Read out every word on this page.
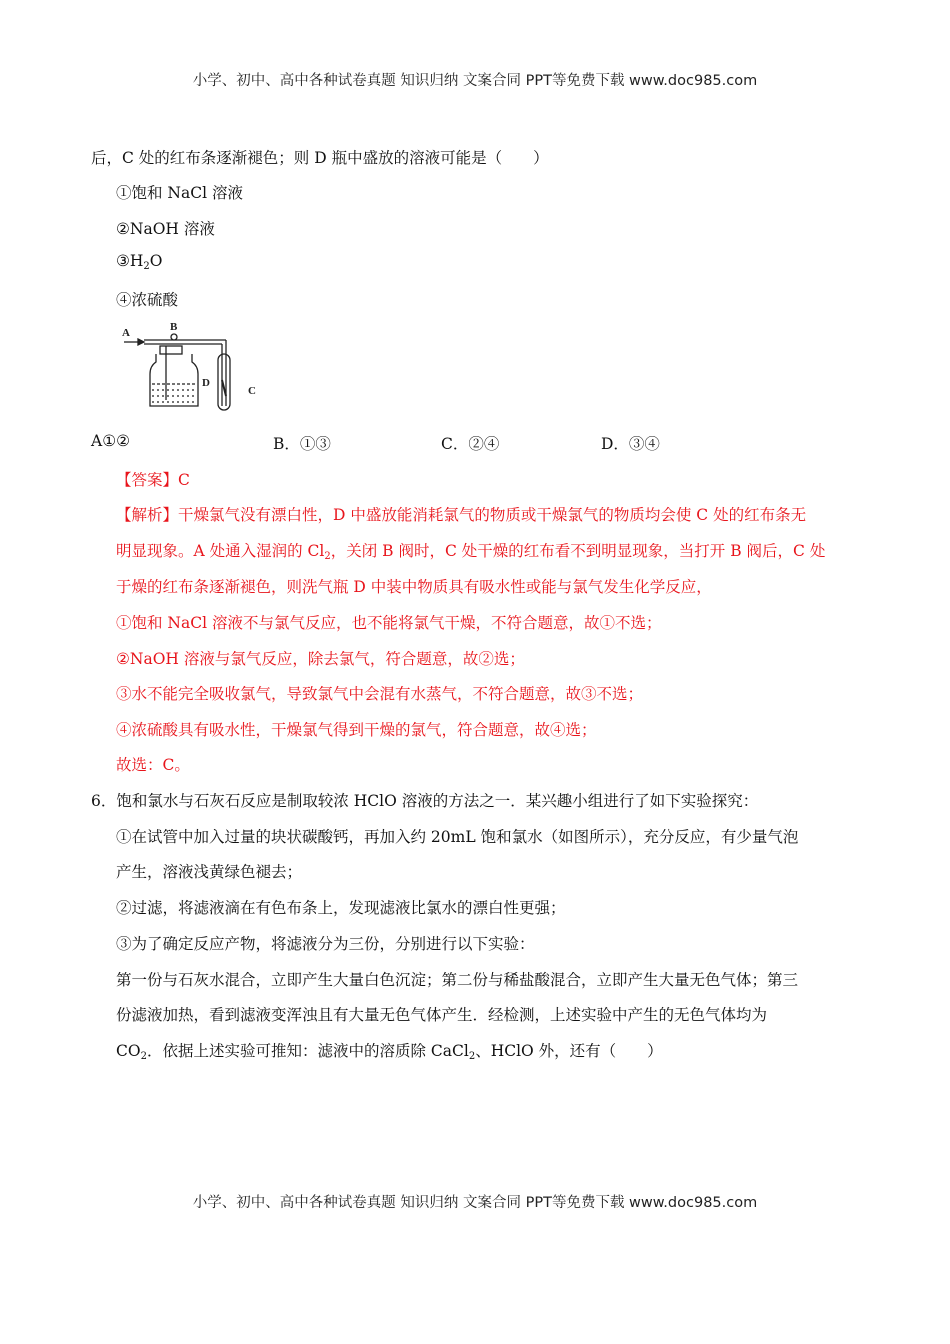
小学、初中、高中各种试卷真题 知识归纳 文案合同 PPT等免费下载 www.doc985.com
后，C 处的红布条逐渐褪色；则 D 瓶中盛放的溶液可能是（　　）
①饱和 NaCl 溶液
②NaOH 溶液
$③H_2O$
④浓硫酸
A	B
D
C
A①②	B．①③	C．②④	D．③④
【答案】C
【解析】干燥氯气没有漂白性，D 中盛放能消耗氯气的物质或干燥氯气的物质均会使 C 处的红布条无
明显现象。A 处通入湿润的 $Cl_2$，关闭 B 阀时，C 处干燥的红布看不到明显现象，当打开 B 阀后，C 处
于燥的红布条逐渐褪色，则洗气瓶 D 中装中物质具有吸水性或能与氯气发生化学反应，
①饱和 NaCl 溶液不与氯气反应，也不能将氯气干燥，不符合题意，故①不选；
②NaOH 溶液与氯气反应，除去氯气，符合题意，故②选；
③水不能完全吸收氯气，导致氯气中会混有水蒸气，不符合题意，故③不选；
④浓硫酸具有吸水性，干燥氯气得到干燥的氯气，符合题意，故④选；
故选：C。
6．饱和氯水与石灰石反应是制取较浓 HClO 溶液的方法之一．某兴趣小组进行了如下实验探究：
①在试管中加入过量的块状碳酸钙，再加入约 20mL 饱和氯水（如图所示），充分反应，有少量气泡
产生，溶液浅黄绿色褪去；
②过滤，将滤液滴在有色布条上，发现滤液比氯水的漂白性更强；
③为了确定反应产物，将滤液分为三份，分别进行以下实验：
第一份与石灰水混合，立即产生大量白色沉淀；第二份与稀盐酸混合，立即产生大量无色气体；第三
份滤液加热，看到滤液变浑浊且有大量无色气体产生．经检测，上述实验中产生的无色气体均为
$CO_2$．依据上述实验可推知：滤液中的溶质除 CaCl$_2$、HClO 外，还有（　　）
小学、初中、高中各种试卷真题 知识归纳 文案合同 PPT等免费下载 www.doc985.com
